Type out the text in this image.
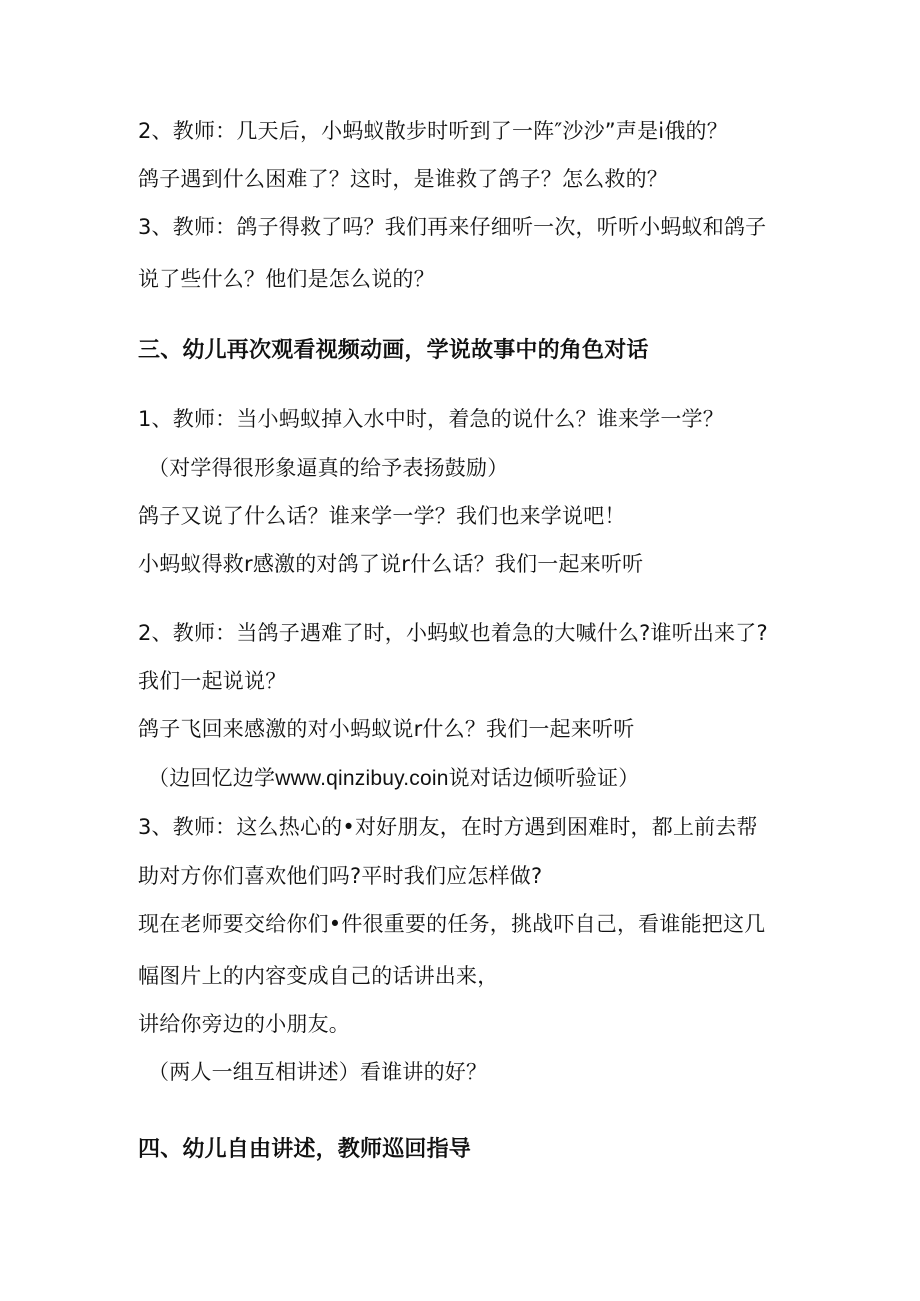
2、教师：几天后，小蚂蚁散步时听到了一阵″沙沙”声是i俄的？
鸽子遇到什么困难了？这时，是谁救了鸽子？怎么救的？
3、教师：鸽子得救了吗？我们再来仔细听一次，听听小蚂蚁和鸽子
说了些什么？他们是怎么说的？
三、幼儿再次观看视频动画，学说故事中的角色对话
1、教师：当小蚂蚁掉入水中时，着急的说什么？谁来学一学？
（对学得很形象逼真的给予表扬鼓励）
鸽子又说了什么话？谁来学一学？我们也来学说吧！
小蚂蚁得救r感激的对鸽了说r什么话？我们一起来听听
2、教师：当鸽子遇难了时，小蚂蚁也着急的大喊什么?谁听出来了?
我们一起说说？
鸽子飞回来感激的对小蚂蚁说r什么？我们一起来听听
（边回忆边学www.qinzibuy.coin说对话边倾听验证）
3、教师：这么热心的•对好朋友，在时方遇到困难时，都上前去帮
助对方你们喜欢他们吗?平时我们应怎样做?
现在老师要交给你们•件很重要的任务，挑战吓自己，看谁能把这几
幅图片上的内容变成自己的话讲出来，
讲给你旁边的小朋友。
（两人一组互相讲述）看谁讲的好？
四、幼儿自由讲述，教师巡回指导
